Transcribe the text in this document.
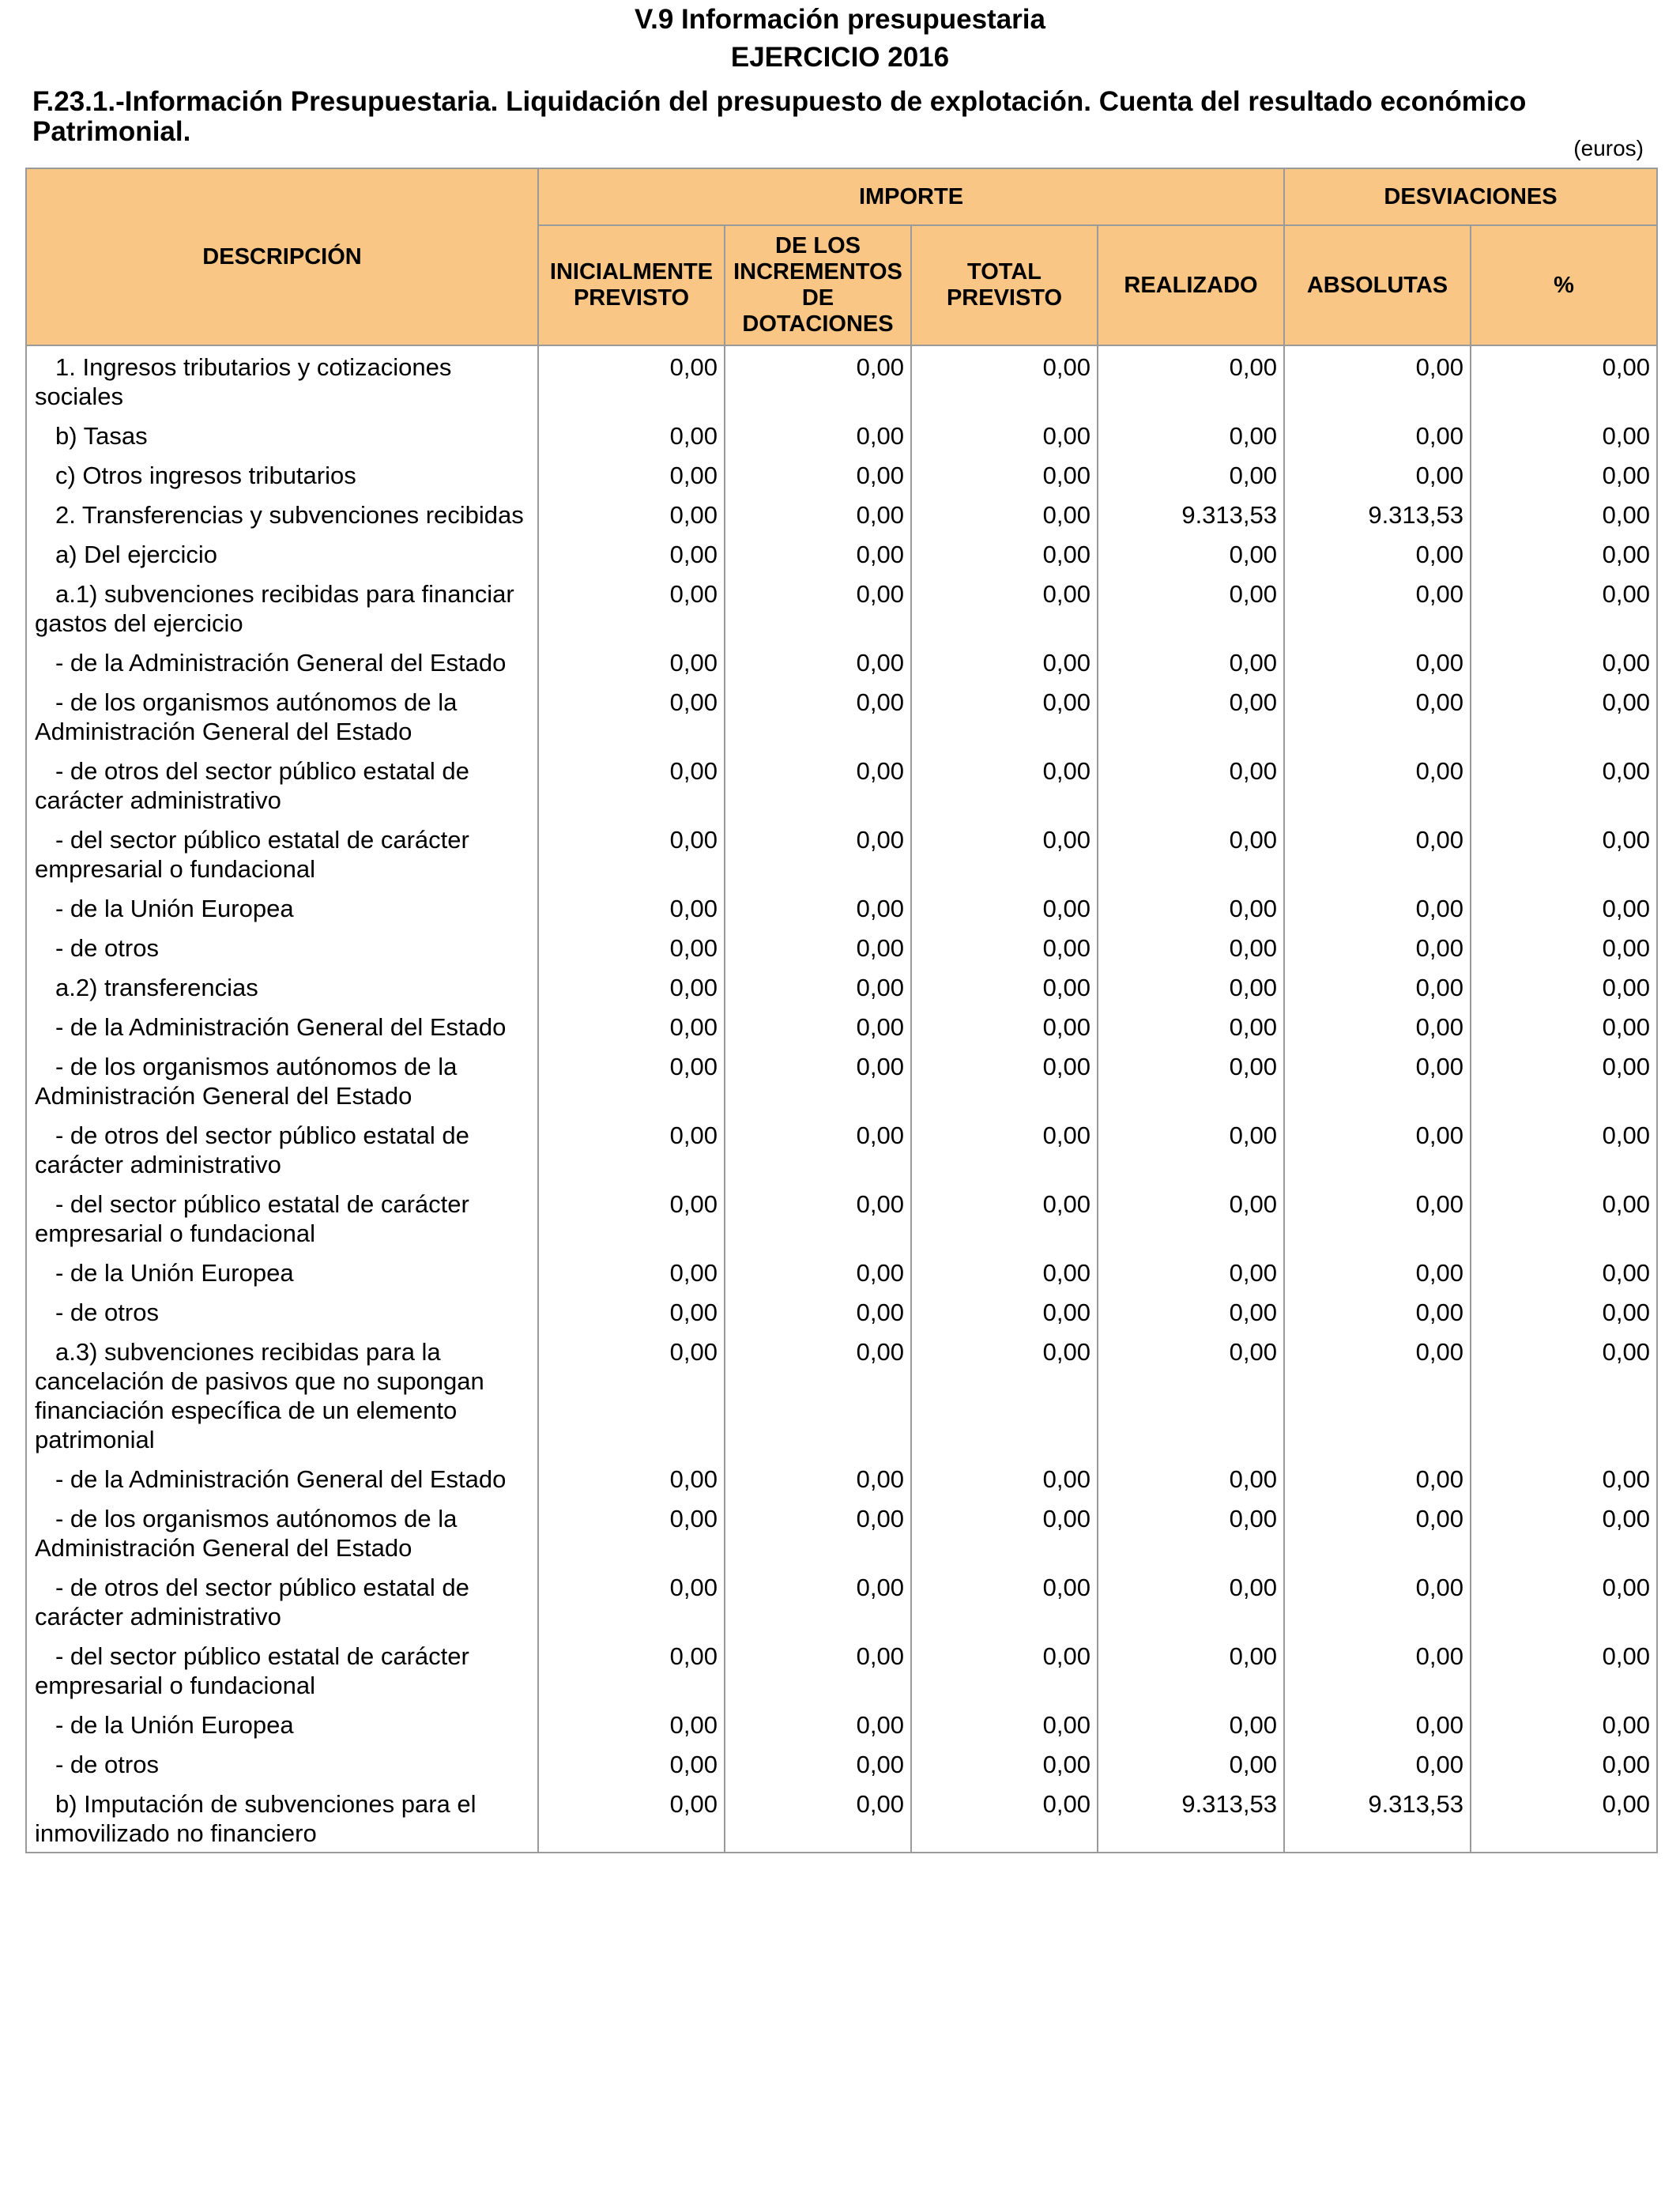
V.9 Información presupuestaria
EJERCICIO 2016
F.23.1.-Información Presupuestaria. Liquidación del presupuesto de explotación. Cuenta del resultado económico Patrimonial.
(euros)
DESCRIPCIÓN	IMPORTE				DESVIACIONES	
	INICIALMENTE PREVISTO	DE LOS INCREMENTOS DE DOTACIONES	TOTAL PREVISTO	REALIZADO	ABSOLUTAS	%
1. Ingresos tributarios y cotizaciones sociales	0,00	0,00	0,00	0,00	0,00	0,00
b) Tasas	0,00	0,00	0,00	0,00	0,00	0,00
c) Otros ingresos tributarios	0,00	0,00	0,00	0,00	0,00	0,00
2. Transferencias y subvenciones recibidas	0,00	0,00	0,00	9.313,53	9.313,53	0,00
a) Del ejercicio	0,00	0,00	0,00	0,00	0,00	0,00
a.1) subvenciones recibidas para financiar gastos del ejercicio	0,00	0,00	0,00	0,00	0,00	0,00
- de la Administración General del Estado	0,00	0,00	0,00	0,00	0,00	0,00
- de los organismos autónomos de la Administración General del Estado	0,00	0,00	0,00	0,00	0,00	0,00
- de otros del sector público estatal de carácter administrativo	0,00	0,00	0,00	0,00	0,00	0,00
- del sector público estatal de carácter empresarial o fundacional	0,00	0,00	0,00	0,00	0,00	0,00
- de la Unión Europea	0,00	0,00	0,00	0,00	0,00	0,00
- de otros	0,00	0,00	0,00	0,00	0,00	0,00
a.2) transferencias	0,00	0,00	0,00	0,00	0,00	0,00
- de la Administración General del Estado	0,00	0,00	0,00	0,00	0,00	0,00
- de los organismos autónomos de la Administración General del Estado	0,00	0,00	0,00	0,00	0,00	0,00
- de otros del sector público estatal de carácter administrativo	0,00	0,00	0,00	0,00	0,00	0,00
- del sector público estatal de carácter empresarial o fundacional	0,00	0,00	0,00	0,00	0,00	0,00
- de la Unión Europea	0,00	0,00	0,00	0,00	0,00	0,00
- de otros	0,00	0,00	0,00	0,00	0,00	0,00
a.3) subvenciones recibidas para la cancelación de pasivos que no supongan financiación específica de un elemento patrimonial	0,00	0,00	0,00	0,00	0,00	0,00
- de la Administración General del Estado	0,00	0,00	0,00	0,00	0,00	0,00
- de los organismos autónomos de la Administración General del Estado	0,00	0,00	0,00	0,00	0,00	0,00
- de otros del sector público estatal de carácter administrativo	0,00	0,00	0,00	0,00	0,00	0,00
- del sector público estatal de carácter empresarial o fundacional	0,00	0,00	0,00	0,00	0,00	0,00
- de la Unión Europea	0,00	0,00	0,00	0,00	0,00	0,00
- de otros	0,00	0,00	0,00	0,00	0,00	0,00
b) Imputación de subvenciones para el inmovilizado no financiero	0,00	0,00	0,00	9.313,53	9.313,53	0,00
